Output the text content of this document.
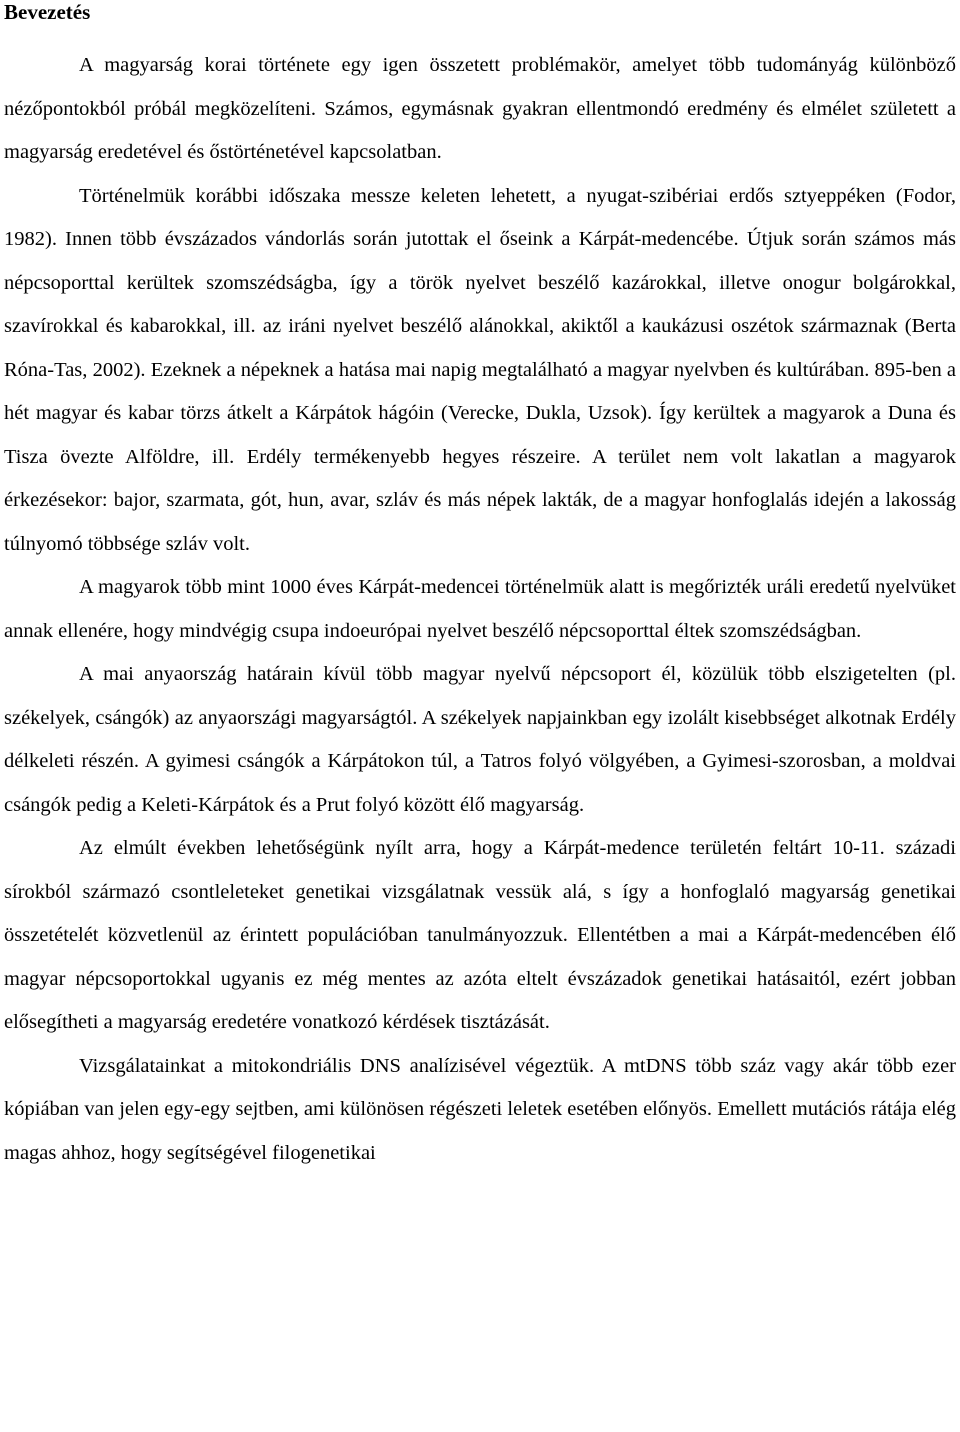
Bevezetés

A magyarság korai története egy igen összetett problémakör, amelyet több tudományág különböző nézőpontokból próbál megközelíteni. Számos, egymásnak gyakran ellentmondó eredmény és elmélet született a magyarság eredetével és őstörténetével kapcsolatban.

Történelmük korábbi időszaka messze keleten lehetett, a nyugat-szibériai erdős sztyeppéken (Fodor, 1982). Innen több évszázados vándorlás során jutottak el őseink a Kárpát-medencébe. Útjuk során számos más népcsoporttal kerültek szomszédságba, így a török nyelvet beszélő kazárokkal, illetve onogur bolgárokkal, szavírokkal és kabarokkal, ill. az iráni nyelvet beszélő alánokkal, akiktől a kaukázusi oszétok származnak (Berta Róna-Tas, 2002). Ezeknek a népeknek a hatása mai napig megtalálható a magyar nyelvben és kultúrában. 895-ben a hét magyar és kabar törzs átkelt a Kárpátok hágóin (Verecke, Dukla, Uzsok). Így kerültek a magyarok a Duna és Tisza övezte Alföldre, ill. Erdély termékenyebb hegyes részeire. A terület nem volt lakatlan a magyarok érkezésekor: bajor, szarmata, gót, hun, avar, szláv és más népek lakták, de a magyar honfoglalás idején a lakosság túlnyomó többsége szláv volt.

A magyarok több mint 1000 éves Kárpát-medencei történelmük alatt is megőrizték uráli eredetű nyelvüket annak ellenére, hogy mindvégig csupa indoeurópai nyelvet beszélő népcsoporttal éltek szomszédságban.

A mai anyaország határain kívül több magyar nyelvű népcsoport él, közülük több elszigetelten (pl. székelyek, csángók) az anyaországi magyarságtól. A székelyek napjainkban egy izolált kisebbséget alkotnak Erdély délkeleti részén. A gyimesi csángók a Kárpátokon túl, a Tatros folyó völgyében, a Gyimesi-szorosban, a moldvai csángók pedig a Keleti-Kárpátok és a Prut folyó között élő magyarság.

Az elmúlt években lehetőségünk nyílt arra, hogy a Kárpát-medence területén feltárt 10-11. századi sírokból származó csontleleteket genetikai vizsgálatnak vessük alá, s így a honfoglaló magyarság genetikai összetételét közvetlenül az érintett populációban tanulmányozzuk. Ellentétben a mai a Kárpát-medencében élő magyar népcsoportokkal ugyanis ez még mentes az azóta eltelt évszázadok genetikai hatásaitól, ezért jobban elősegítheti a magyarság eredetére vonatkozó kérdések tisztázását.

Vizsgálatainkat a mitokondriális DNS analízisével végeztük. A mtDNS több száz vagy akár több ezer kópiában van jelen egy-egy sejtben, ami különösen régészeti leletek esetében előnyös. Emellett mutációs rátája elég magas ahhoz, hogy segítségével filogenetikai
